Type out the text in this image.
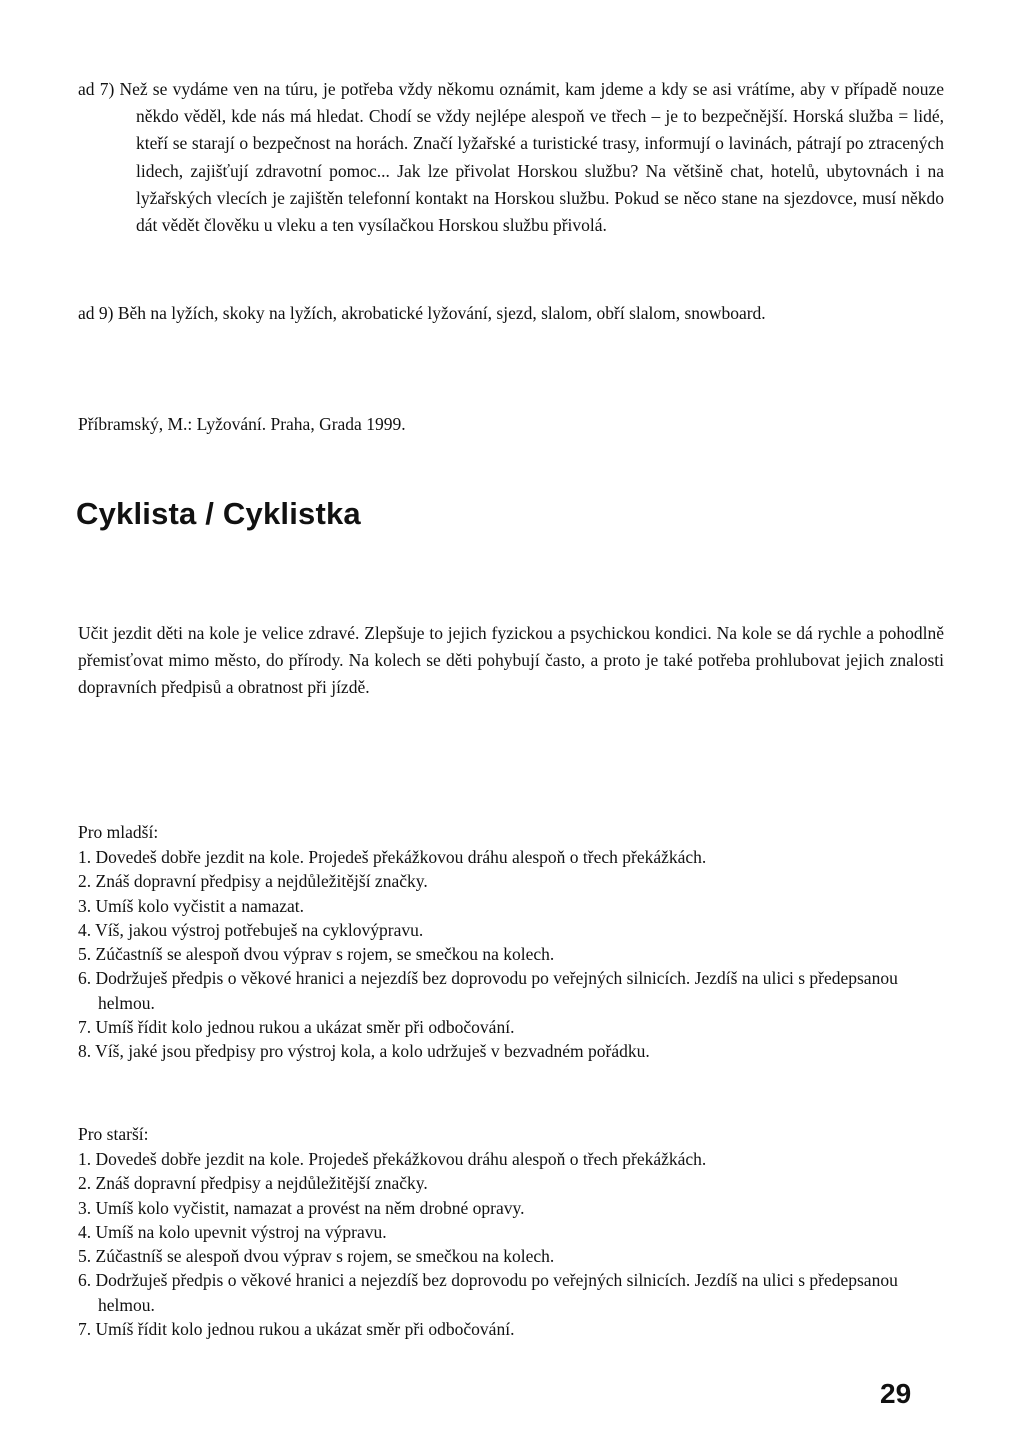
ad 7) Než se vydáme ven na túru, je potřeba vždy někomu oznámit, kam jdeme a kdy se asi vrátíme, aby v případě nouze někdo věděl, kde nás má hledat. Chodí se vždy nejlépe alespoň ve třech – je to bezpečnější. Horská služba = lidé, kteří se starají o bezpečnost na horách. Značí lyžařské a turistické trasy, informují o lavinách, pátrají po ztracených lidech, zajišťují zdravotní pomoc... Jak lze přivolat Horskou službu? Na většině chat, hotelů, ubytovnách i na lyžařských vlecích je zajištěn telefonní kontakt na Horskou službu. Pokud se něco stane na sjezdovce, musí někdo dát vědět člověku u vleku a ten vysílačkou Horskou službu přivolá.
ad 9) Běh na lyžích, skoky na lyžích, akrobatické lyžování, sjezd, slalom, obří slalom, snowboard.
Příbramský, M.: Lyžování. Praha, Grada 1999.
Cyklista / Cyklistka
Učit jezdit děti na kole je velice zdravé. Zlepšuje to jejich fyzickou a psychickou kondici. Na kole se dá rychle a pohodlně přemisťovat mimo město, do přírody. Na kolech se děti pohybují často, a proto je také potřeba prohlubovat jejich znalosti dopravních předpisů a obratnost při jízdě.
Pro mladší:
1. Dovedeš dobře jezdit na kole. Projedeš překážkovou dráhu alespoň o třech překážkách.
2. Znáš dopravní předpisy a nejdůležitější značky.
3. Umíš kolo vyčistit a namazat.
4. Víš, jakou výstroj potřebuješ na cyklovýpravu.
5. Zúčastníš se alespoň dvou výprav s rojem, se smečkou na kolech.
6. Dodržuješ předpis o věkové hranici a nejezdíš bez doprovodu po veřejných silnicích. Jezdíš na ulici s předepsanou helmou.
7. Umíš řídit kolo jednou rukou a ukázat směr při odbočování.
8. Víš, jaké jsou předpisy pro výstroj kola, a kolo udržuješ v bezvadném pořádku.
Pro starší:
1. Dovedeš dobře jezdit na kole. Projedeš překážkovou dráhu alespoň o třech překážkách.
2. Znáš dopravní předpisy a nejdůležitější značky.
3. Umíš kolo vyčistit, namazat a provést na něm drobné opravy.
4. Umíš na kolo upevnit výstroj na výpravu.
5. Zúčastníš se alespoň dvou výprav s rojem, se smečkou na kolech.
6. Dodržuješ předpis o věkové hranici a nejezdíš bez doprovodu po veřejných silnicích. Jezdíš na ulici s předepsanou helmou.
7. Umíš řídit kolo jednou rukou a ukázat směr při odbočování.
29
